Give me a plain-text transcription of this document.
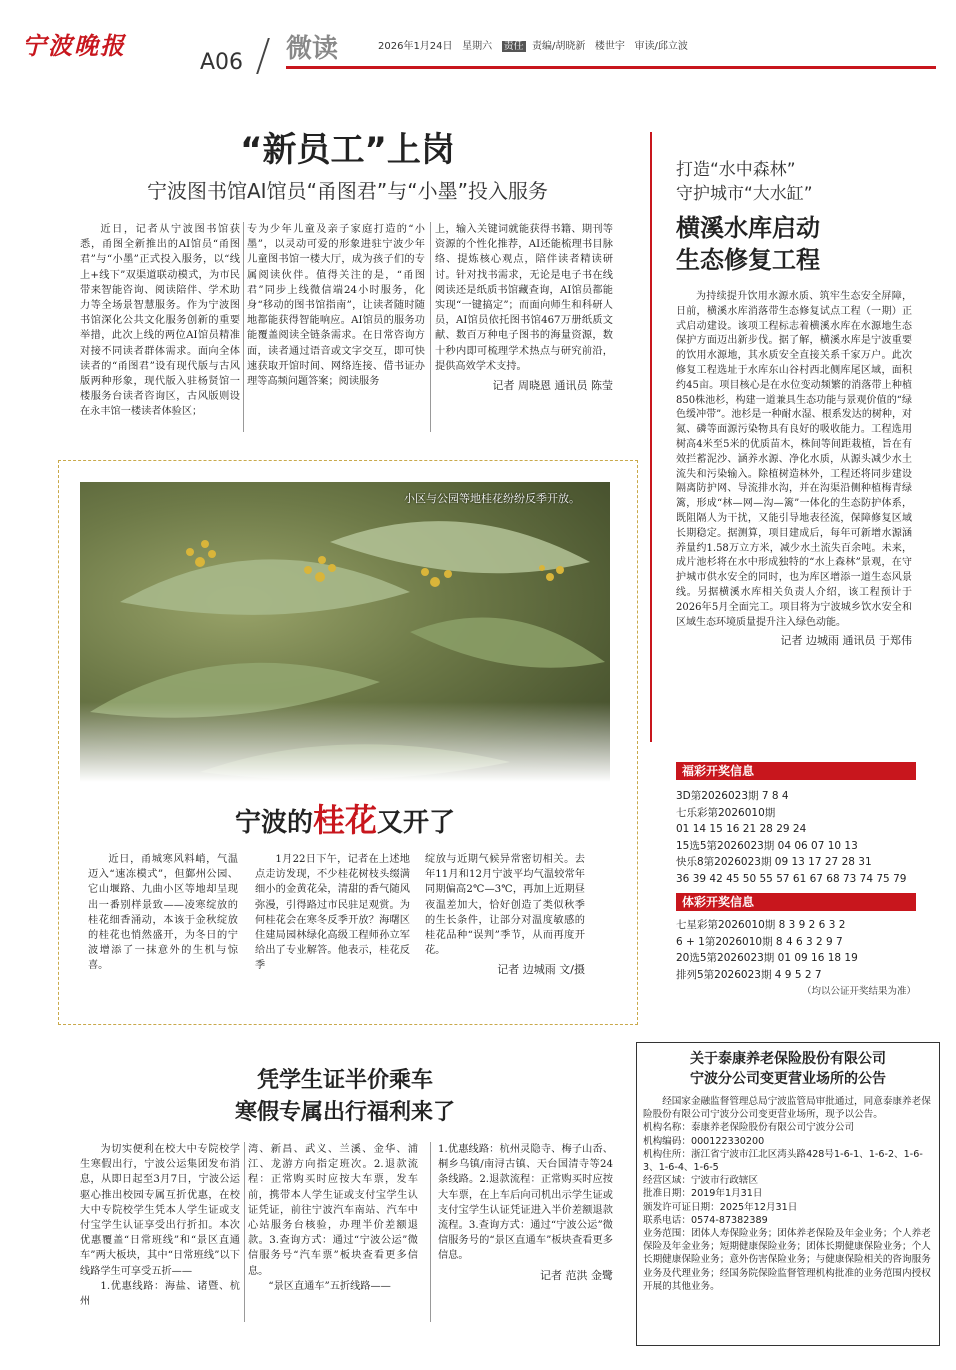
宁波晚报
A06 微读	2026年1月24日 星期六 责任 责编/胡晓新 楼世宇 审读/邱立波
“新员工”上岗
宁波图书馆AI馆员“甬图君”与“小墨”投入服务

近日，记者从宁波图书馆获悉，甬图全新推出的AI馆员“甬图君”与“小墨”正式投入服务，以“线上+线下”双渠道联动模式，为市民带来智能咨询、阅读陪伴、学术助力等全场景智慧服务。作为宁波图书馆深化公共文化服务创新的重要举措，此次上线的两位AI馆员精准对接不同读者群体需求。面向全体读者的“甬图君”设有现代版与古风版两种形象，现代版入驻杨贤馆一楼服务台读者咨询区，古风版则设在永丰馆一楼读者体验区；

专为少年儿童及亲子家庭打造的“小墨”，以灵动可爱的形象进驻宁波少年儿童图书馆一楼大厅，成为孩子们的专属阅读伙伴。值得关注的是，“甬图君”同步上线微信端24小时服务，化身“移动的图书馆指南”，让读者随时随地都能获得智能响应。AI馆员的服务功能覆盖阅读全链条需求。在日常咨询方面，读者通过语音或文字交互，即可快速获取开馆时间、网络连接、借书证办理等高频问题答案；阅读服务

上，输入关键词就能获得书籍、期刊等资源的个性化推荐，AI还能梳理书目脉络、提炼核心观点，陪伴读者精读研讨。针对找书需求，无论是电子书在线阅读还是纸质书馆藏查询，AI馆员都能实现“一键搞定”；而面向师生和科研人员，AI馆员依托图书馆467万册纸质文献、数百万种电子图书的海量资源，数十秒内即可梳理学术热点与研究前沿，提供高效学术支持。

记者 周晓恩 通讯员 陈莹
小区与公园等地桂花纷纷反季开放。
宁波的桂花又开了

近日，甬城寒风料峭，气温迈入“速冻模式”，但鄞州公园、它山堰路、九曲小区等地却呈现出一番别样景致——凌寒绽放的桂花细香涌动，本该于金秋绽放的桂花也悄然盛开，为冬日的宁波增添了一抹意外的生机与惊喜。

1月22日下午，记者在上述地点走访发现，不少桂花树枝头缀满细小的金黄花朵，清甜的香气随风弥漫，引得路过市民驻足观赏。为何桂花会在寒冬反季开放？海曙区住建局园林绿化高级工程师孙立军给出了专业解答。他表示，桂花反季

绽放与近期气候异常密切相关。去年11月和12月宁波平均气温较常年同期偏高2℃—3℃，再加上近期昼夜温差加大，恰好创造了类似秋季的生长条件，让部分对温度敏感的桂花品种“误判”季节，从而再度开花。

记者 边城雨 文/摄
凭学生证半价乘车
寒假专属出行福利来了

为切实便利在校大中专院校学生寒假出行，宁波公运集团发布消息，从即日起至3月7日，宁波公运驱心推出校园专属互折优惠，在校大中专院校学生凭本人学生证或支付宝学生认证享受出行折扣。本次优惠覆盖“日常班线”和“景区直通车”两大板块，其中“日常班线”以下线路学生可享受五折——

1.优惠线路：海盐、诸暨、杭州

湾、新昌、武义、兰溪、金华、浦江、龙游方向指定班次。2.退款流程：正常购买时应按大车票，发车前，携带本人学生证或支付宝学生认证凭证，前往宁波汽车南站、汽车中心站服务台核验，办理半价差额退款。3.查询方式：通过“宁波公运”微信服务号“汽车票”板块查看更多信息。

“景区直通车”五折线路——

1.优惠线路：杭州灵隐寺、梅子山岙、桐乡乌镇/南浔古镇、天台国清寺等24条线路。2.退款流程：正常购买时应按大车票，在上车后向司机出示学生证或支付宝学生认证凭证进入半价差额退款流程。3.查询方式：通过“宁波公运”微信服务号的“景区直通车”板块查看更多信息。

记者 范洪 金鹭
打造“水中森林”
守护城市“大水缸”
横溪水库启动
生态修复工程

为持续提升饮用水源水质、筑牢生态安全屏障，日前，横溪水库消落带生态修复试点工程（一期）正式启动建设。该项工程标志着横溪水库在水源地生态保护方面迈出新步伐。据了解，横溪水库是宁波重要的饮用水源地，其水质安全直接关系千家万户。此次修复工程选址于水库东山谷村西北侧库尾区域，面积约45亩。项目核心是在水位变动频繁的消落带上种植850株池杉，构建一道兼具生态功能与景观价值的“绿色缓冲带”。池杉是一种耐水湿、根系发达的树种，对氮、磷等面源污染物具有良好的吸收能力。工程选用树高4米至5米的优质苗木，株间等间距栽植，旨在有效拦蓄泥沙、涵养水源、净化水质，从源头减少水土流失和污染输入。除植树造林外，工程还将同步建设隔离防护网、导流排水沟，并在沟渠沿侧种植梅青绿篱，形成“林—网—沟—篱”一体化的生态防护体系，既阻隔人为干扰，又能引导地表径流，保障修复区域长期稳定。据测算，项目建成后，每年可新增水源涵养量约1.58万立方米，减少水土流失百余吨。未来，成片池杉将在水中形成独特的“水上森林”景观，在守护城市供水安全的同时，也为库区增添一道生态风景线。另据横溪水库相关负责人介绍，该工程预计于2026年5月全面完工。项目将为宁波城乡饮水安全和区域生态环境质量提升注入绿色动能。

记者 边城雨 通讯员 于郑伟
福彩开奖信息
3D第2026023期 7 8 4
七乐彩第2026010期
01 14 15 16 21 28 29 24
15选5第2026023期 04 06 07 10 13
快乐8第2026023期 09 13 17 27 28 31
36 39 42 45 50 55 57 61 67 68 73 74 75 79
体彩开奖信息
七星彩第2026010期 8 3 9 2 6 3 2
6 + 1第2026010期 8 4 6 3 2 9 7
20选5第2026023期 01 09 16 18 19
排列5第2026023期 4 9 5 2 7
（均以公证开奖结果为准）
关于泰康养老保险股份有限公司
宁波分公司变更营业场所的公告

经国家金融监督管理总局宁波监管局审批通过，同意泰康养老保险股份有限公司宁波分公司变更营业场所，现予以公告。

机构名称：泰康养老保险股份有限公司宁波分公司
机构编码：000122330200
机构住所：浙江省宁波市江北区湾头路428号1-6-1、1-6-2、1-6-3、1-6-4、1-6-5
经营区域：宁波市行政辖区
批准日期：2019年1月31日
颁发许可证日期：2025年12月31日
联系电话：0574-87382389
业务范围：团体人寿保险业务；团体养老保险及年金业务；个人养老保险及年金业务；短期健康保险业务；团体长期健康保险业务；个人长期健康保险业务；意外伤害保险业务；与健康保险相关的咨询服务业务及代理业务；经国务院保险监督管理机构批准的业务范围内授权开展的其他业务。
